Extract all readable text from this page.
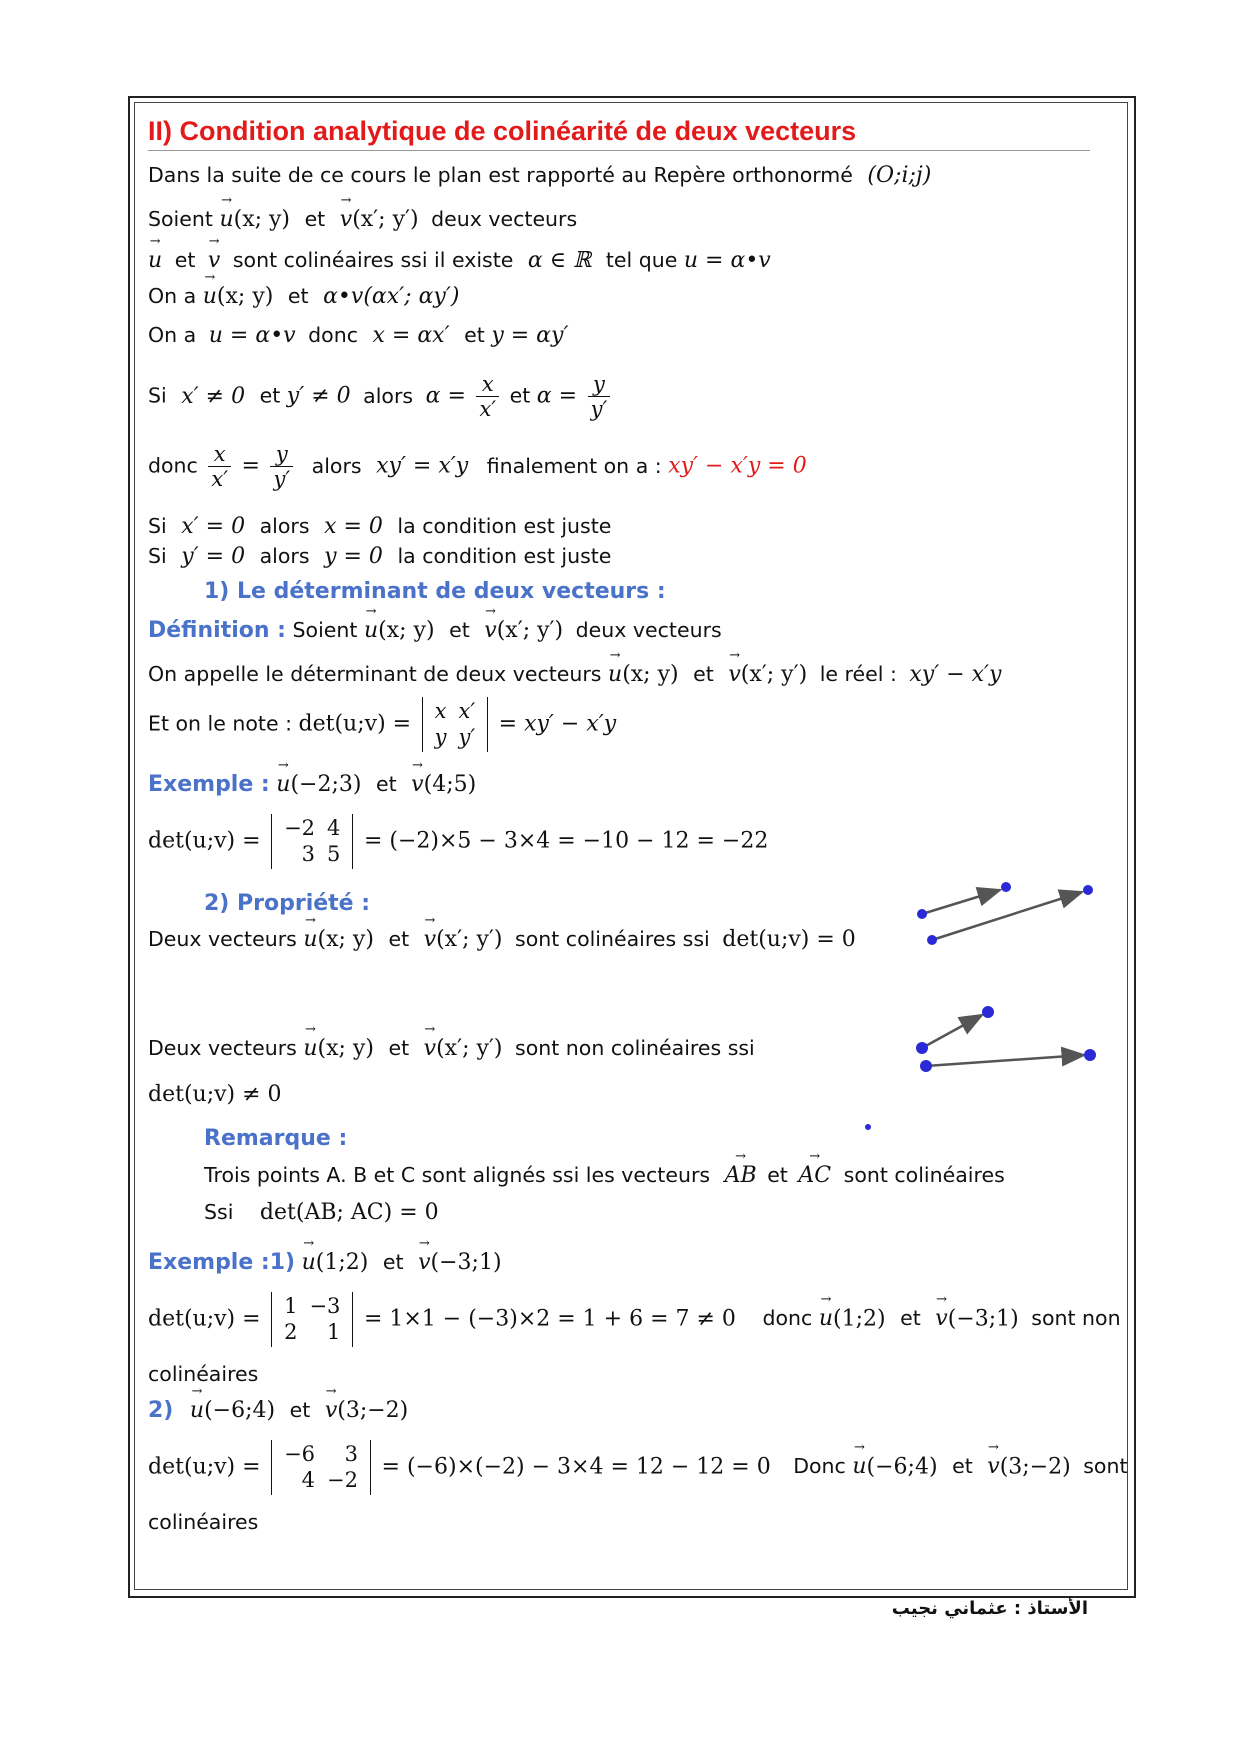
II) Condition analytique de colinéarité de deux vecteurs
Dans la suite de ce cours le plan est rapporté au Repère orthonormé (O;i;j)
Soient → u(x; y) et → v(x′; y′) deux vecteurs
→ u et → v sont colinéaires ssi il existe α ∈ ℝ tel que u = α•v
On a → u(x; y) et α•v(αx′; αy′)
On a u = α•v donc x = αx′ et y = αy′
Si x′ ≠ 0 et y′ ≠ 0 alors $\alpha = \frac{x}{x'}$ et $\alpha = \frac{y}{y'}$
donc $\frac{x}{x'} = \frac{y}{y'}$ alors xy′ = x′y finalement on a : xy′ − x′y = 0
Si x′ = 0 alors x = 0 la condition est juste
Si y′ = 0 alors y = 0 la condition est juste
1) Le déterminant de deux vecteurs :
Définition : Soient → u(x; y) et → v(x′; y′) deux vecteurs
On appelle le déterminant de deux vecteurs → u(x; y) et → v(x′; y′) le réel : xy′ − x′y
Et on le note : det(u;v) =
x	x′
y	y′
= xy′ − x′y
Exemple : → u(−2;3) et → v(4;5)
det(u;v) =
−2	4
3	5
= (−2)×5 − 3×4 = −10 − 12 = −22
2) Propriété :
Deux vecteurs → u(x; y) et → v(x′; y′) sont colinéaires ssi det(u;v) = 0
Deux vecteurs → u(x; y) et → v(x′; y′) sont non colinéaires ssi
det(u;v) ≠ 0
Remarque :
Trois points A. B et C sont alignés ssi les vecteurs → AB et → AC sont colinéaires
Ssi det(AB; AC) = 0
Exemple :1) → u(1;2) et → v(−3;1)
det(u;v) =
1	−3
2	1
= 1×1 − (−3)×2 = 1 + 6 = 7 ≠ 0 donc → u(1;2) et → v(−3;1) sont non
colinéaires
2) → u(−6;4) et → v(3;−2)
det(u;v) =
−6	3
4	−2
= (−6)×(−2) − 3×4 = 12 − 12 = 0 Donc → u(−6;4) et → v(3;−2) sont
colinéaires
الأستاذ : عثماني نجيب
